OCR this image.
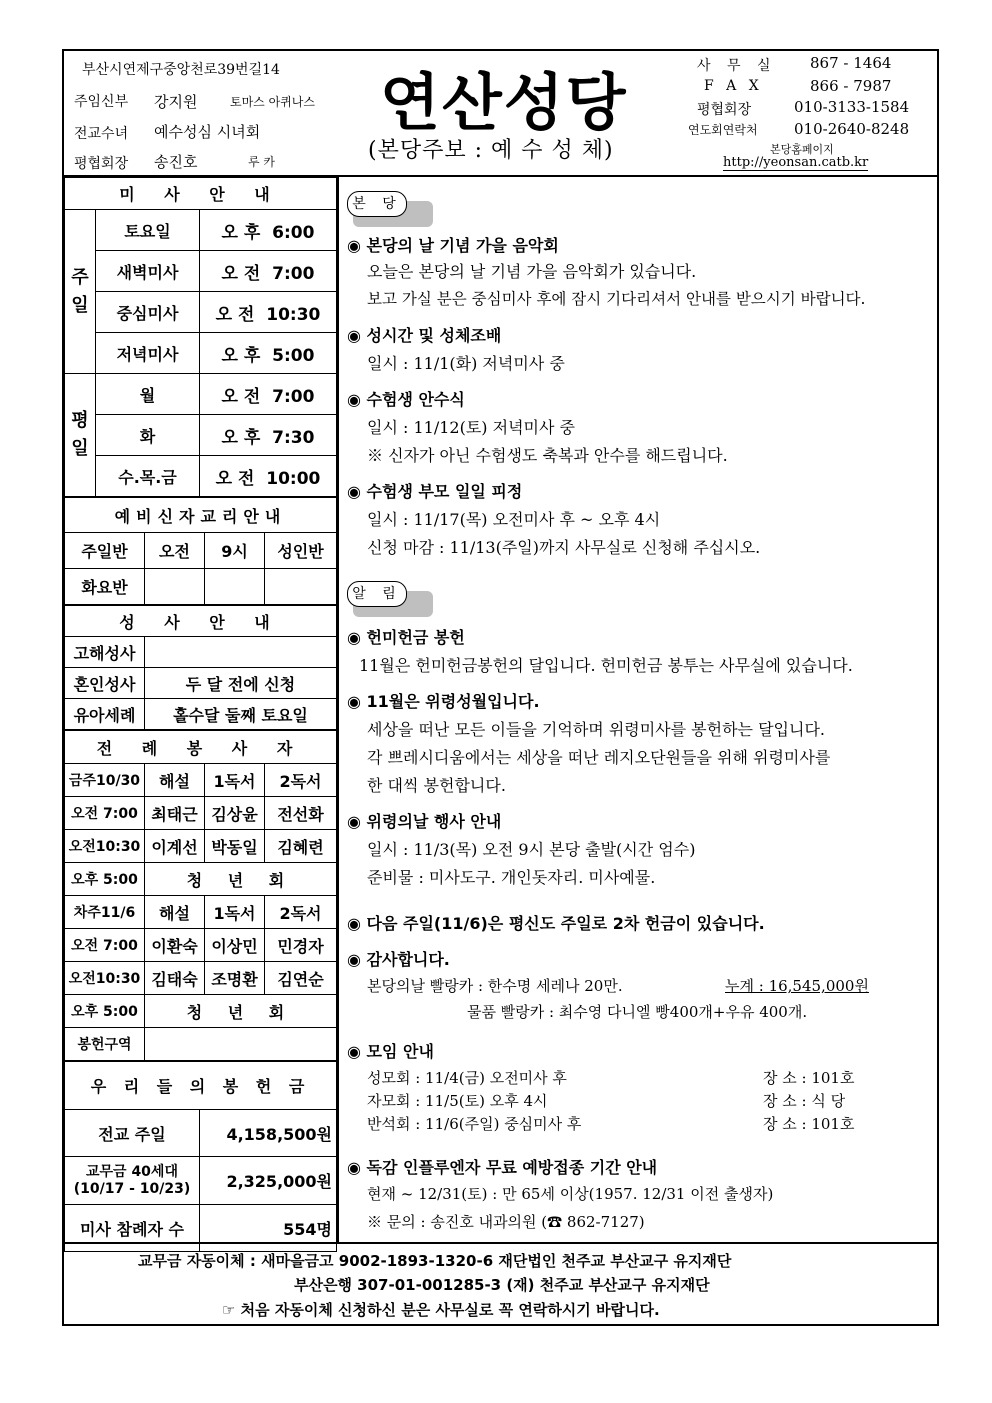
부산시연제구중앙천로39번길14
주임신부 강지원	토마스 아퀴나스
전교수녀 예수성심 시녀회
평협회장 송진호	루 카
연산성당
(본당주보 : 예 수 성 체)
사 무 실 867 - 1464
F A X	866 - 7987
평협회장	010-3133-1584
연도회연락처 010-2640-8248
본당홈페이지
http://yeonsan.catb.kr
미 사 안 내		
주 일	토요일	오 후 6:00
	새벽미사	오 전 7:00
	중심미사	오 전 10:30
	저녁미사	오 후 5:00
평 일	월	오 전 7:00
	화	오 후 7:30
	수.목.금	오 전 10:00
예비신자교리안내			
주일반	오전	9시	성인반
화요반			
성 사 안 내	
고해성사	
혼인성사	두 달 전에 신청
유아세례	홀수달 둘째 토요일
전 례 봉 사 자			
금주10/30	해설	1독서	2독서
오전 7:00	최태근	김상윤	전선화
오전10:30	이계선	박동일	김혜련
오후 5:00	청 년 회		
차주11/6	해설	1독서	2독서
오전 7:00	이환숙	이상민	민경자
오전10:30	김태숙	조명환	김연순
오후 5:00	청 년 회		
봉헌구역			
우 리 들 의 봉 헌 금	
전교 주일	4,158,500원
교무금 40세대
(10/17 - 10/23)	2,325,000원
미사 참례자 수	554명
본 당
◉ 본당의 날 기념 가을 음악회
오늘은 본당의 날 기념 가을 음악회가 있습니다.
보고 가실 분은 중심미사 후에 잠시 기다리셔서 안내를 받으시기 바랍니다.
◉ 성시간 및 성체조배
일시 : 11/1(화) 저녁미사 중
◉ 수험생 안수식
일시 : 11/12(토) 저녁미사 중
※ 신자가 아닌 수험생도 축복과 안수를 해드립니다.
◉ 수험생 부모 일일 피정
일시 : 11/17(목) 오전미사 후 ~ 오후 4시
신청 마감 : 11/13(주일)까지 사무실로 신청해 주십시오.
알 림
◉ 헌미헌금 봉헌
11월은 헌미헌금봉헌의 달입니다. 헌미헌금 봉투는 사무실에 있습니다.
◉ 11월은 위령성월입니다.
세상을 떠난 모든 이들을 기억하며 위령미사를 봉헌하는 달입니다.
각 쁘레시디움에서는 세상을 떠난 레지오단원들을 위해 위령미사를
한 대씩 봉헌합니다.
◉ 위령의날 행사 안내
일시 : 11/3(목) 오전 9시 본당 출발(시간 엄수)
준비물 : 미사도구. 개인돗자리. 미사예물.
◉ 다음 주일(11/6)은 평신도 주일로 2차 헌금이 있습니다.
◉ 감사합니다.
본당의날 빨랑카 : 한수명 세레나 20만.	누계 : 16,545,000원
물품 빨랑카 : 최수영 다니엘 빵400개+우유 400개.
◉ 모임 안내
성모회 : 11/4(금) 오전미사 후	장 소 : 101호
자모회 : 11/5(토) 오후 4시	장 소 : 식 당
반석회 : 11/6(주일) 중심미사 후	장 소 : 101호
◉ 독감 인플루엔자 무료 예방접종 기간 안내
현재 ~ 12/31(토) : 만 65세 이상(1957. 12/31 이전 출생자)
※ 문의 : 송진호 내과의원 (☎ 862-7127)
교무금 자동이체 : 새마을금고 9002-1893-1320-6 재단법인 천주교 부산교구 유지재단
부산은행 307-01-001285-3 (재) 천주교 부산교구 유지재단
☞ 처음 자동이체 신청하신 분은 사무실로 꼭 연락하시기 바랍니다.
